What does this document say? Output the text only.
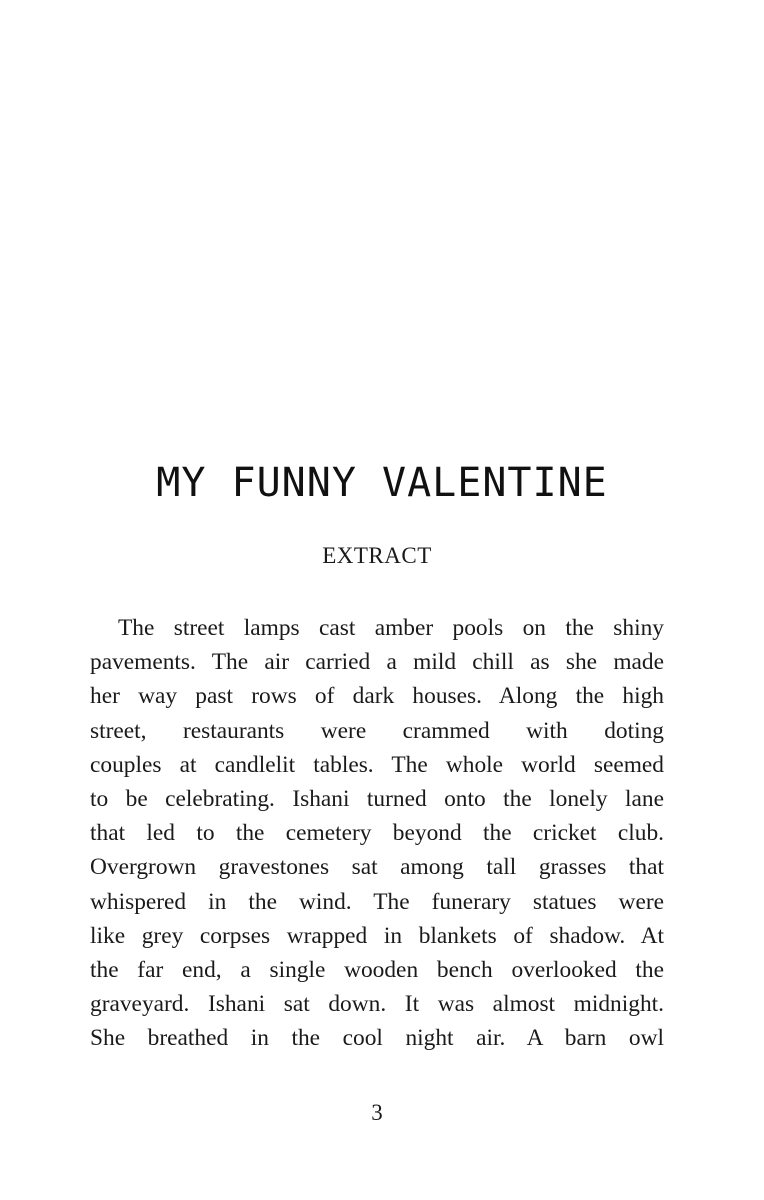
MY FUNNY VALENTINE
EXTRACT
The street lamps cast amber pools on the shiny
pavements. The air carried a mild chill as she made
her way past rows of dark houses. Along the high
street, restaurants were crammed with doting
couples at candlelit tables. The whole world seemed
to be celebrating. Ishani turned onto the lonely lane
that led to the cemetery beyond the cricket club.
Overgrown gravestones sat among tall grasses that
whispered in the wind. The funerary statues were
like grey corpses wrapped in blankets of shadow. At
the far end, a single wooden bench overlooked the
graveyard. Ishani sat down. It was almost midnight.
She breathed in the cool night air. A barn owl
3
